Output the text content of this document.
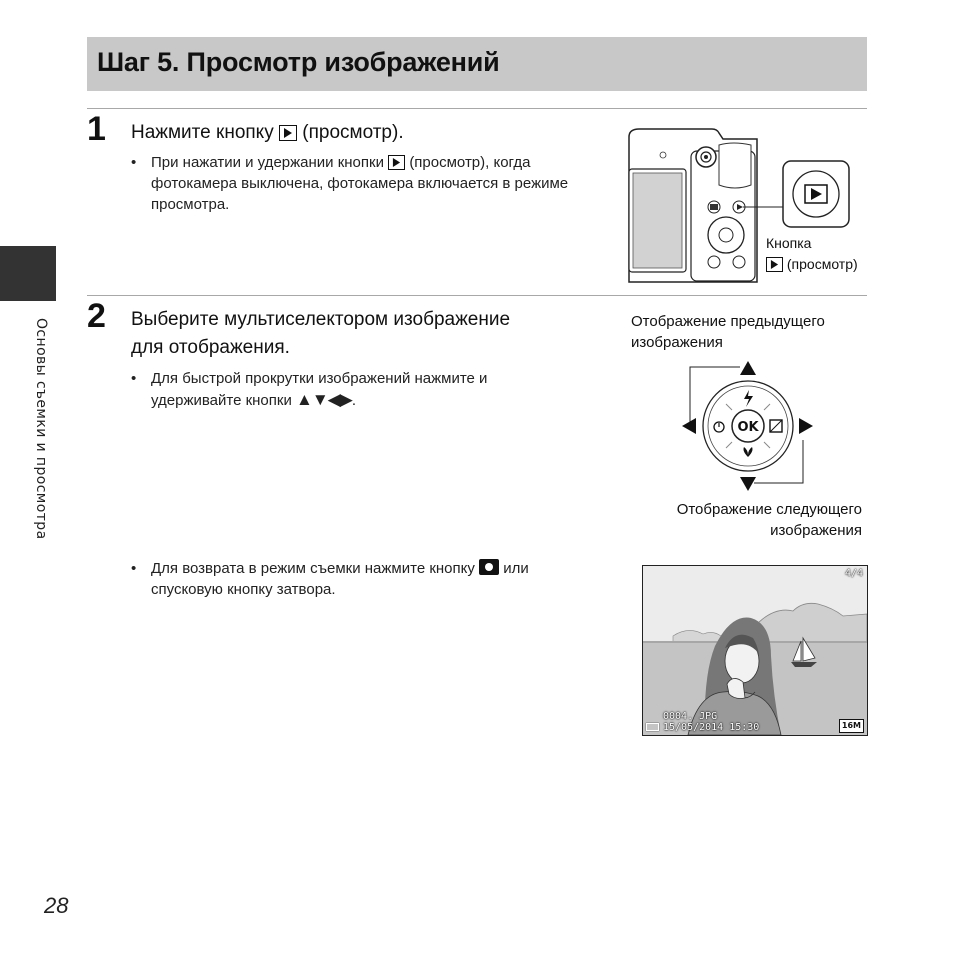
Шаг 5. Просмотр изображений
Основы съемки и просмотра
1 Нажмите кнопку (просмотр).
• При нажатии и удержании кнопки (просмотр), когда
фотокамера выключена, фотокамера включается в режиме
просмотра.
Кнопка
(просмотр)
2 Выберите мультиселектором изображение
для отображения.
• Для быстрой прокрутки изображений нажмите и
удерживайте кнопки ▲▼◀▶.
Отображение предыдущего
изображения
Отображение следующего
изображения
OK
• Для возврата в режим съемки нажмите кнопку или
спусковую кнопку затвора.
4/4
0004. JPG
15/05/2014 15:30	16M
28
